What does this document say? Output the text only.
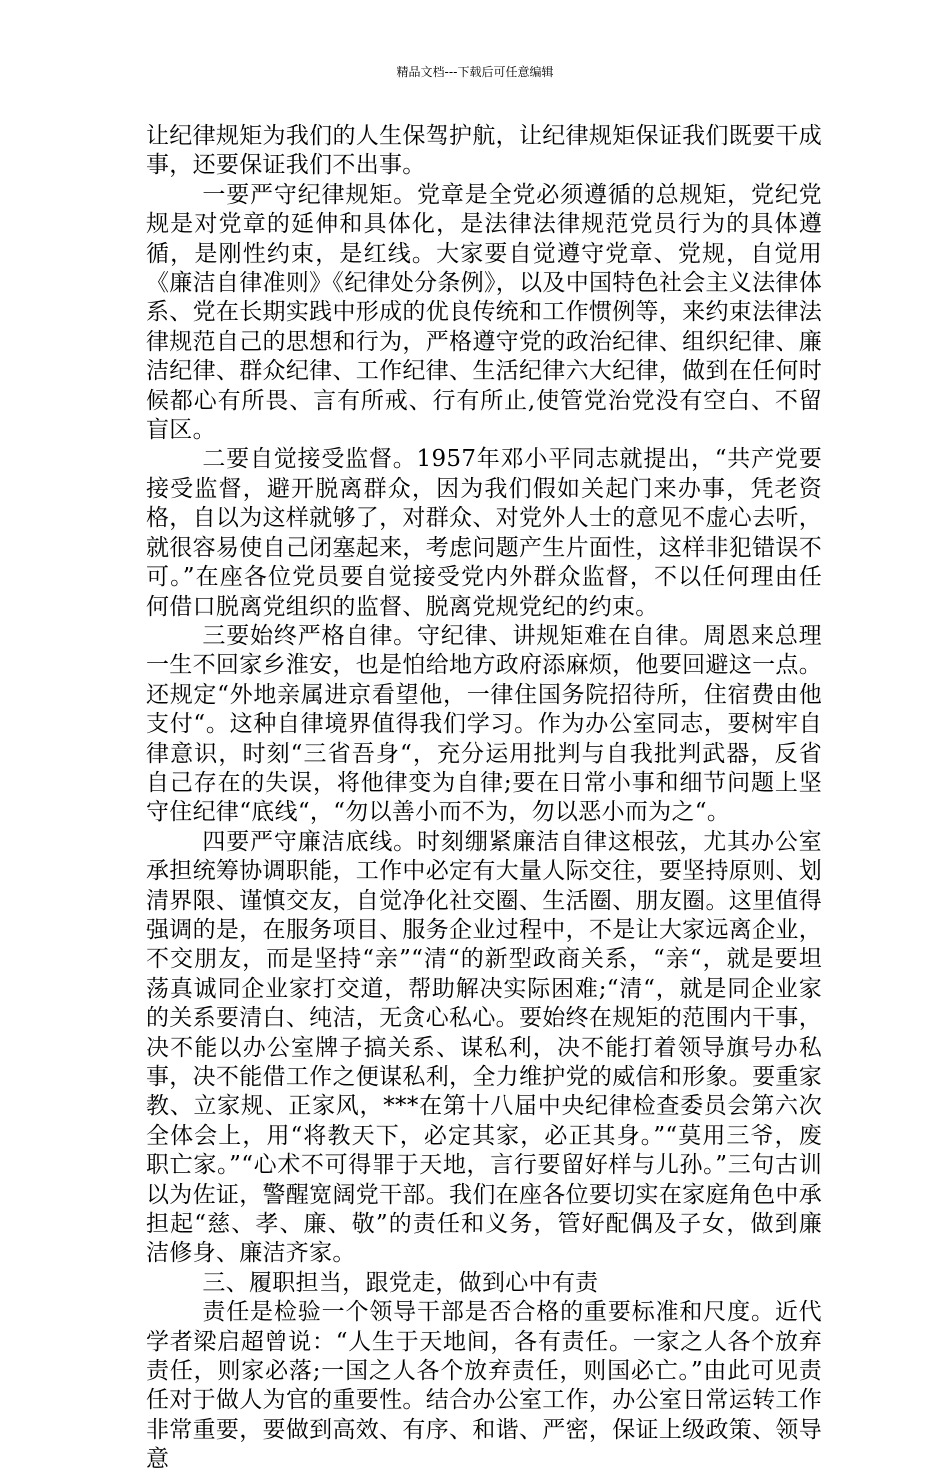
精品文档---下载后可任意编辑

让纪律规矩为我们的人生保驾护航，让纪律规矩保证我们既要干成事，还要保证我们不出事。

一要严守纪律规矩。党章是全党必须遵循的总规矩，党纪党规是对党章的延伸和具体化，是法律法律规范党员行为的具体遵循，是刚性约束，是红线。大家要自觉遵守党章、党规，自觉用《廉洁自律准则》《纪律处分条例》，以及中国特色社会主义法律体系、党在长期实践中形成的优良传统和工作惯例等，来约束法律法律规范自己的思想和行为，严格遵守党的政治纪律、组织纪律、廉洁纪律、群众纪律、工作纪律、生活纪律六大纪律，做到在任何时候都心有所畏、言有所戒、行有所止,使管党治党没有空白、不留盲区。

二要自觉接受监督。1957年邓小平同志就提出，“共产党要接受监督，避开脱离群众，因为我们假如关起门来办事，凭老资格，自以为这样就够了，对群众、对党外人士的意见不虚心去听，就很容易使自己闭塞起来，考虑问题产生片面性，这样非犯错误不可。”在座各位党员要自觉接受党内外群众监督，不以任何理由任何借口脱离党组织的监督、脱离党规党纪的约束。

三要始终严格自律。守纪律、讲规矩难在自律。周恩来总理一生不回家乡淮安，也是怕给地方政府添麻烦，他要回避这一点。还规定“外地亲属进京看望他，一律住国务院招待所，住宿费由他支付“。这种自律境界值得我们学习。作为办公室同志，要树牢自律意识，时刻“三省吾身“，充分运用批判与自我批判武器，反省自己存在的失误，将他律变为自律;要在日常小事和细节问题上坚守住纪律“底线“，“勿以善小而不为，勿以恶小而为之“。

四要严守廉洁底线。时刻绷紧廉洁自律这根弦，尤其办公室承担统筹协调职能，工作中必定有大量人际交往，要坚持原则、划清界限、谨慎交友，自觉净化社交圈、生活圈、朋友圈。这里值得强调的是，在服务项目、服务企业过程中，不是让大家远离企业，不交朋友，而是坚持“亲”“清“的新型政商关系，“亲“，就是要坦荡真诚同企业家打交道，帮助解决实际困难;“清“，就是同企业家的关系要清白、纯洁，无贪心私心。要始终在规矩的范围内干事，决不能以办公室牌子搞关系、谋私利，决不能打着领导旗号办私事，决不能借工作之便谋私利，全力维护党的威信和形象。要重家教、立家规、正家风，***在第十八届中央纪律检查委员会第六次全体会上，用“将教天下，必定其家，必正其身。”“莫用三爷，废职亡家。”“心术不可得罪于天地，言行要留好样与儿孙。”三句古训以为佐证，警醒宽阔党干部。我们在座各位要切实在家庭角色中承担起“慈、孝、廉、敬”的责任和义务，管好配偶及子女，做到廉洁修身、廉洁齐家。

三、履职担当，跟党走，做到心中有责

责任是检验一个领导干部是否合格的重要标准和尺度。近代学者梁启超曾说：“人生于天地间，各有责任。一家之人各个放弃责任，则家必落;一国之人各个放弃责任，则国必亡。”由此可见责任对于做人为官的重要性。结合办公室工作，办公室日常运转工作非常重要，要做到高效、有序、和谐、严密，保证上级政策、领导意
